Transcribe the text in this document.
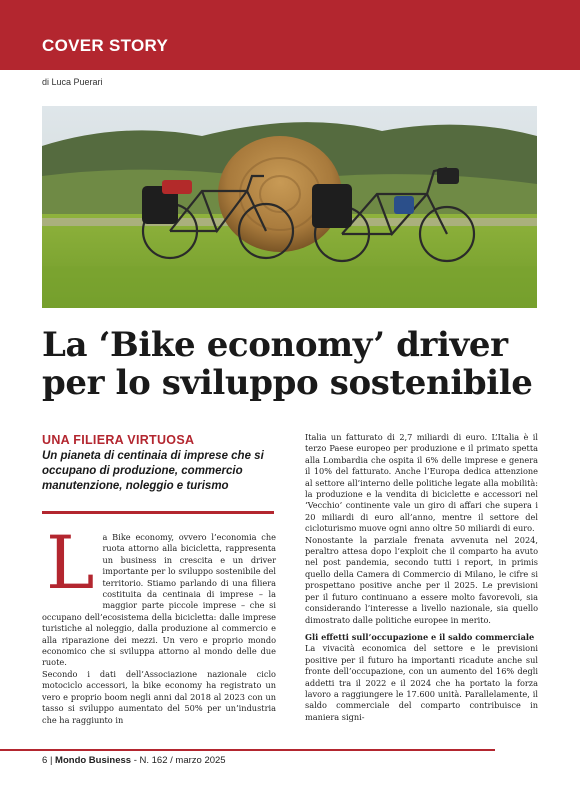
COVER STORY
di Luca Puerari
La ‘Bike economy’ driver
per lo sviluppo sostenibile
UNA FILIERA VIRTUOSA
Un pianeta di centinaia di imprese che si occupano di produzione, commercio manutenzione, noleggio e turismo
L a Bike economy, ovvero l’economia che ruota attorno alla bicicletta, rappresenta un business in crescita e un driver importante per lo sviluppo sostenibile del territorio. Stiamo parlando di una filiera costituita da centinaia di imprese – la maggior parte piccole imprese – che si occupano dell’ecosistema della bicicletta: dalle imprese turistiche al noleggio, dalla produzione al commercio e alla riparazione dei mezzi. Un vero e proprio mondo economico che si sviluppa attorno al mondo delle due ruote.

Secondo i dati dell’Associazione nazionale ciclo motociclo accessori, la bike economy ha registrato un vero e proprio boom negli anni dal 2018 al 2023 con un tasso si sviluppo aumentato del 50% per un’industria che ha raggiunto in

Italia un fatturato di 2,7 miliardi di euro. L’Italia è il terzo Paese europeo per produzione e il primato spetta alla Lombardia che ospita il 6% delle imprese e genera il 10% del fatturato. Anche l’Europa dedica attenzione al settore all’interno delle politiche legate alla mobilità: la produzione e la vendita di biciclette e accessori nel ‘Vecchio’ continente vale un giro di affari che supera i 20 miliardi di euro all’anno, mentre il settore del cicloturismo muove ogni anno oltre 50 miliardi di euro.

Nonostante la parziale frenata avvenuta nel 2024, peraltro attesa dopo l’exploit che il comparto ha avuto nel post pandemia, secondo tutti i report, in primis quello della Camera di Commercio di Milano, le cifre si prospettano positive anche per il 2025. Le previsioni per il futuro continuano a essere molto favorevoli, sia considerando l’interesse a livello nazionale, sia quello dimostrato dalle politiche europee in merito.

Gli effetti sull’occupazione e il saldo commerciale

La vivacità economica del settore e le previsioni positive per il futuro ha importanti ricadute anche sul fronte dell’occupazione, con un aumento del 16% degli addetti tra il 2022 e il 2024 che ha portato la forza lavoro a raggiungere le 17.600 unità. Parallelamente, il saldo commerciale del comparto contribuisce in maniera signi-

6 | Mondo Business - N. 162 / marzo 2025
